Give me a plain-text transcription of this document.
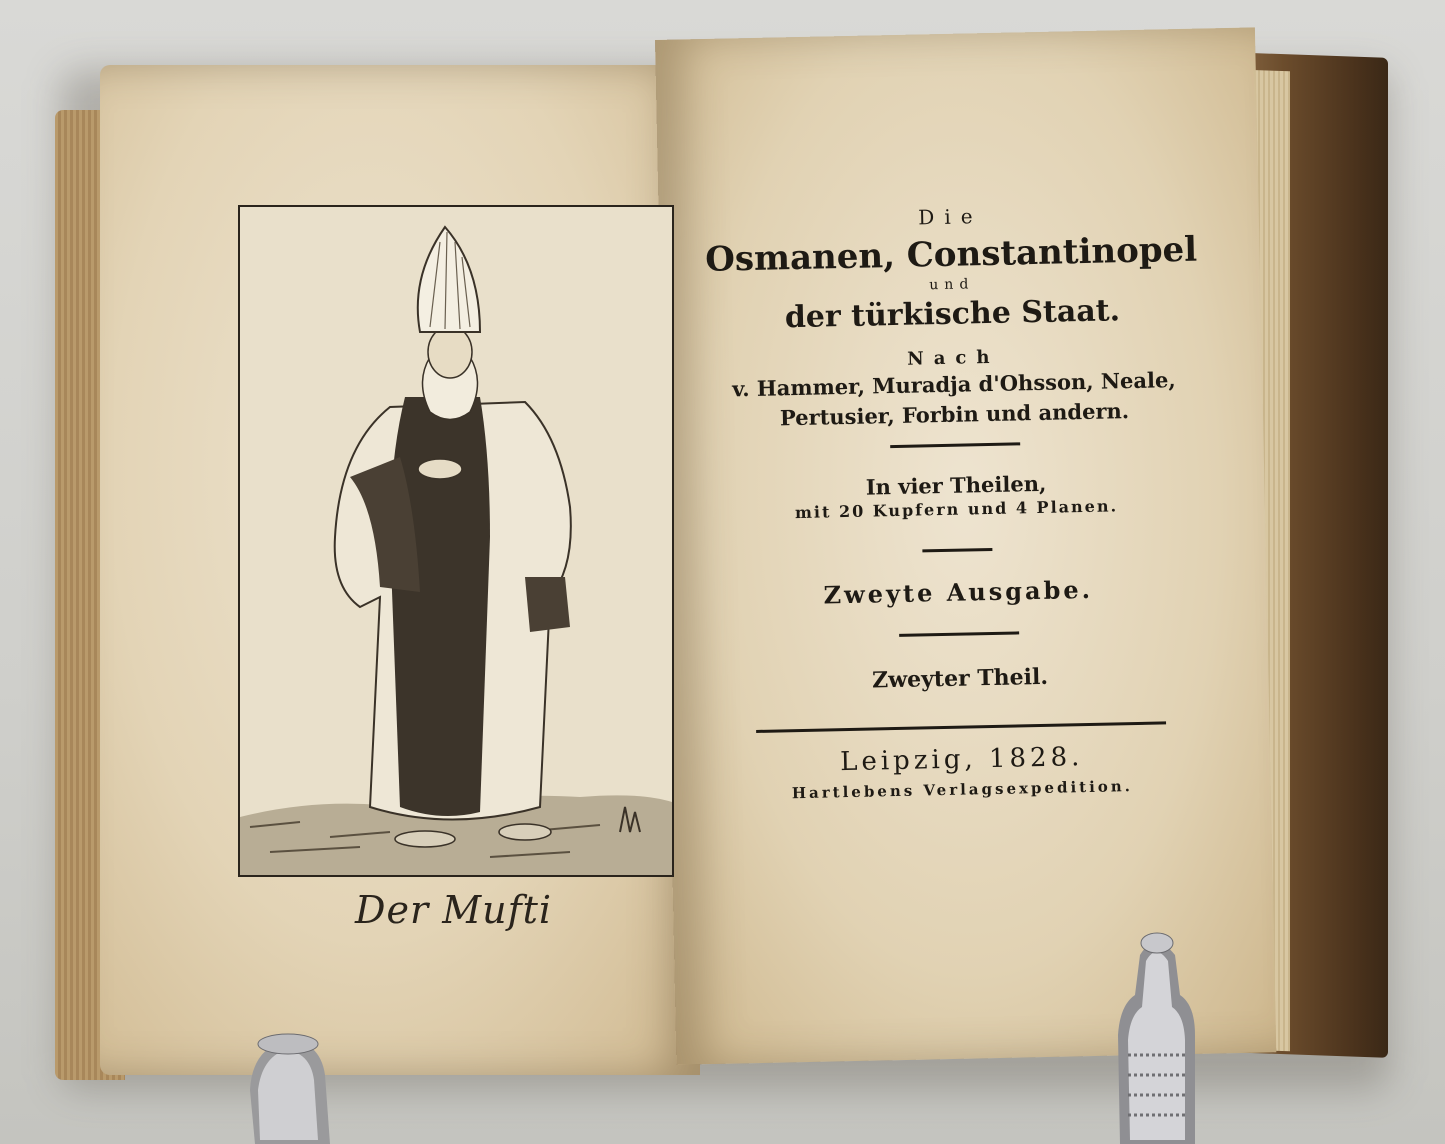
Der Mufti
Die
Osmanen, Constantinopel
und
der türkische Staat.
Nach
v. Hammer, Muradja d'Ohsson, Neale,
Pertusier, Forbin und andern.
In vier Theilen,
mit 20 Kupfern und 4 Planen.
Zweyte Ausgabe.
Zweyter Theil.
Leipzig, 1828.
Hartlebens Verlagsexpedition.
